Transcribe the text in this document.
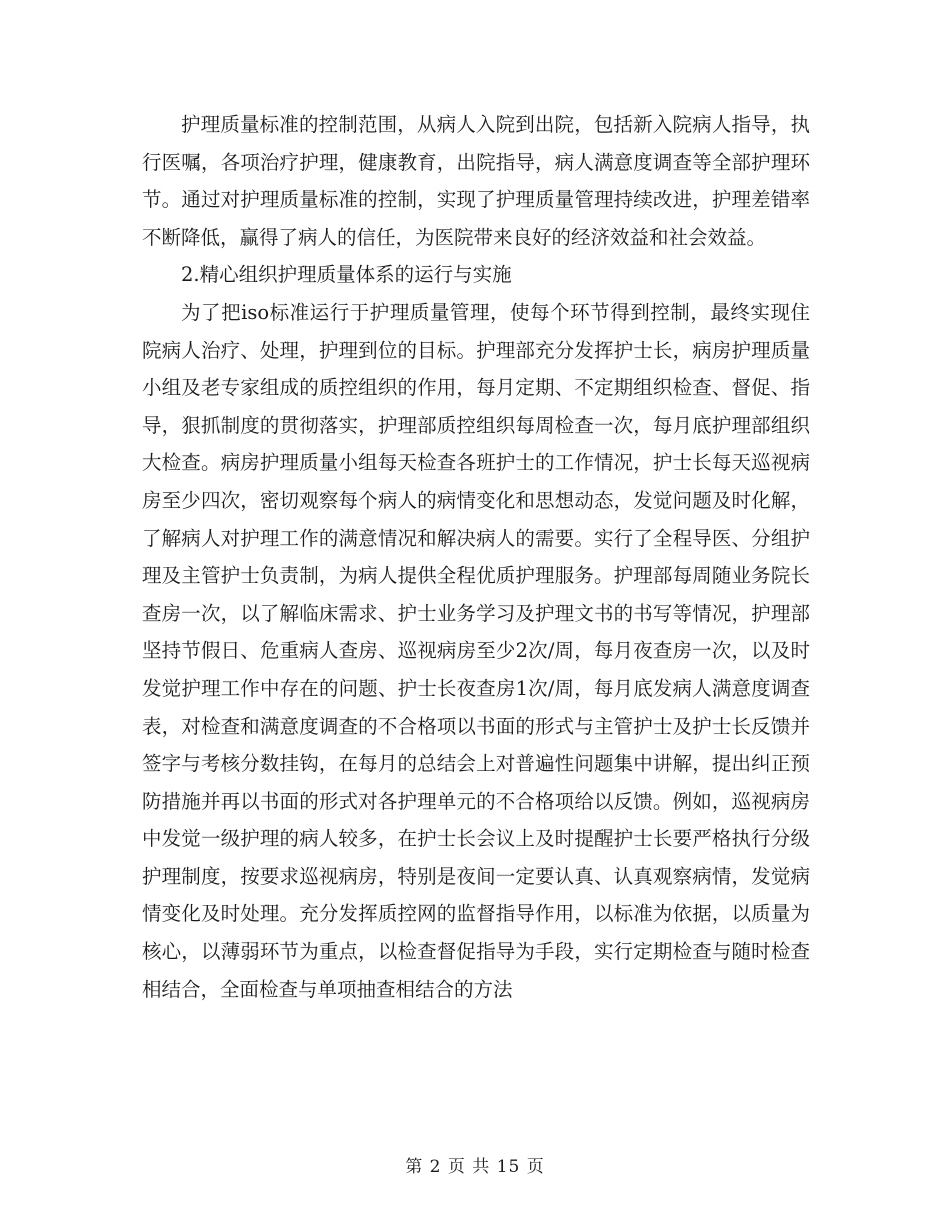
护理质量标准的控制范围，从病人入院到出院，包括新入院病人指导，执行医嘱，各项治疗护理，健康教育，出院指导，病人满意度调查等全部护理环节。通过对护理质量标准的控制，实现了护理质量管理持续改进，护理差错率不断降低，赢得了病人的信任，为医院带来良好的经济效益和社会效益。

2.精心组织护理质量体系的运行与实施

为了把iso标准运行于护理质量管理，使每个环节得到控制，最终实现住院病人治疗、处理，护理到位的目标。护理部充分发挥护士长，病房护理质量小组及老专家组成的质控组织的作用，每月定期、不定期组织检查、督促、指导，狠抓制度的贯彻落实，护理部质控组织每周检查一次，每月底护理部组织大检查。病房护理质量小组每天检查各班护士的工作情况，护士长每天巡视病房至少四次，密切观察每个病人的病情变化和思想动态，发觉问题及时化解，了解病人对护理工作的满意情况和解决病人的需要。实行了全程导医、分组护理及主管护士负责制，为病人提供全程优质护理服务。护理部每周随业务院长查房一次，以了解临床需求、护士业务学习及护理文书的书写等情况，护理部坚持节假日、危重病人查房、巡视病房至少2次/周，每月夜查房一次，以及时发觉护理工作中存在的问题、护士长夜查房1次/周，每月底发病人满意度调查表，对检查和满意度调查的不合格项以书面的形式与主管护士及护士长反馈并签字与考核分数挂钩，在每月的总结会上对普遍性问题集中讲解，提出纠正预防措施并再以书面的形式对各护理单元的不合格项给以反馈。例如，巡视病房中发觉一级护理的病人较多，在护士长会议上及时提醒护士长要严格执行分级护理制度，按要求巡视病房，特别是夜间一定要认真、认真观察病情，发觉病情变化及时处理。充分发挥质控网的监督指导作用，以标准为依据，以质量为核心，以薄弱环节为重点，以检查督促指导为手段，实行定期检查与随时检查相结合，全面检查与单项抽查相结合的方法

第 2 页 共 15 页
